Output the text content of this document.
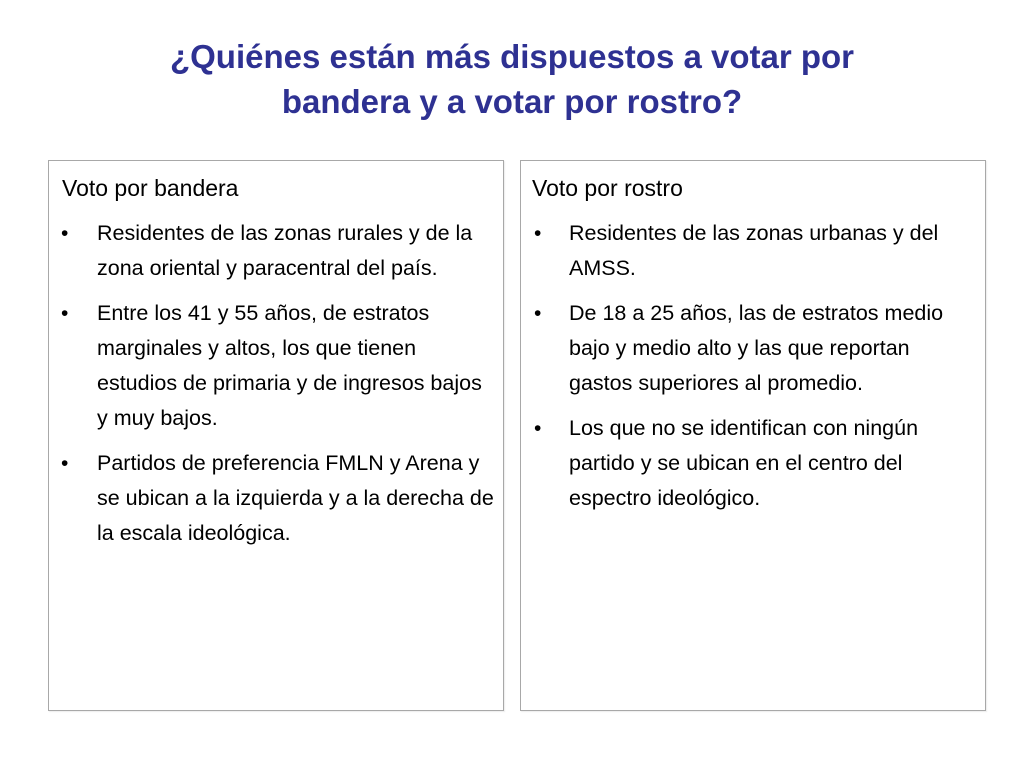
¿Quiénes están más dispuestos a votar por
bandera y a votar por rostro?
Voto por bandera
• Residentes de las zonas rurales y de la zona oriental y paracentral del país.
• Entre los 41 y 55 años, de estratos marginales y altos, los que tienen estudios de primaria y de ingresos bajos y muy bajos.
• Partidos de preferencia FMLN y Arena y se ubican a la izquierda y a la derecha de la escala ideológica.
Voto por rostro
• Residentes de las zonas urbanas y del AMSS.
• De 18 a 25 años, las de estratos medio bajo y medio alto y las que reportan gastos superiores al promedio.
• Los que no se identifican con ningún partido y se ubican en el centro del espectro ideológico.
